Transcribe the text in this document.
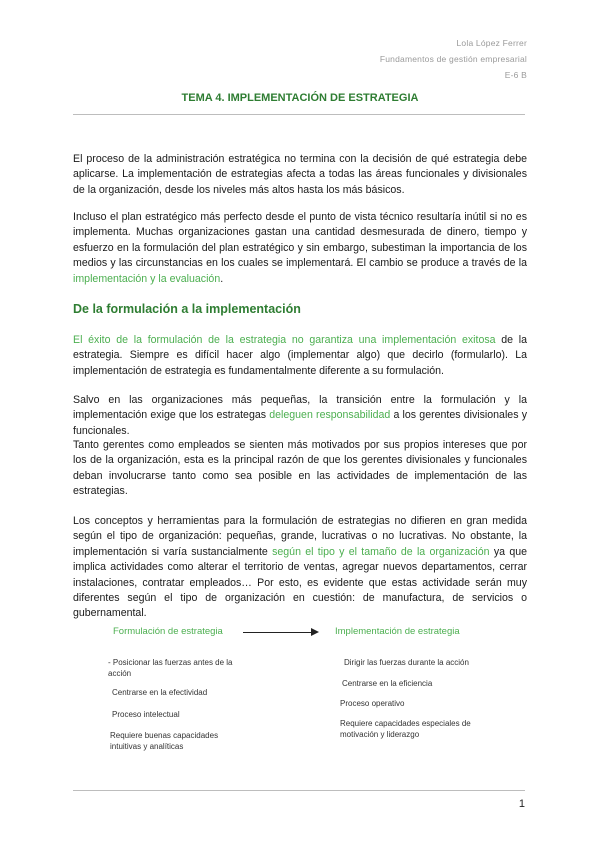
Lola López Ferrer
Fundamentos de gestión empresarial
E-6 B
TEMA 4. IMPLEMENTACIÓN DE ESTRATEGIA

El proceso de la administración estratégica no termina con la decisión de qué estrategia debe aplicarse. La implementación de estrategias afecta a todas las áreas funcionales y divisionales de la organización, desde los niveles más altos hasta los más básicos.

Incluso el plan estratégico más perfecto desde el punto de vista técnico resultaría inútil si no es implementa. Muchas organizaciones gastan una cantidad desmesurada de dinero, tiempo y esfuerzo en la formulación del plan estratégico y sin embargo, subestiman la importancia de los medios y las circunstancias en los cuales se implementará. El cambio se produce a través de la implementación y la evaluación.

De la formulación a la implementación

El éxito de la formulación de la estrategia no garantiza una implementación exitosa de la estrategia. Siempre es difícil hacer algo (implementar algo) que decirlo (formularlo). La implementación de estrategia es fundamentalmente diferente a su formulación.

Salvo en las organizaciones más pequeñas, la transición entre la formulación y la implementación exige que los estrategas deleguen responsabilidad a los gerentes divisionales y funcionales.

Tanto gerentes como empleados se sienten más motivados por sus propios intereses que por los de la organización, esta es la principal razón de que los gerentes divisionales y funcionales deban involucrarse tanto como sea posible en las actividades de implementación de las estrategias.

Los conceptos y herramientas para la formulación de estrategias no difieren en gran medida según el tipo de organización: pequeñas, grande, lucrativas o no lucrativas. No obstante, la implementación si varía sustancialmente según el tipo y el tamaño de la organización ya que implica actividades como alterar el territorio de ventas, agregar nuevos departamentos, cerrar instalaciones, contratar empleados… Por esto, es evidente que estas actividade serán muy diferentes según el tipo de organización en cuestión: de manufactura, de servicios o gubernamental.

Formulación de estrategia	Implementación de estrategia
- Posicionar las fuerzas antes de la acción
Centrarse en la efectividad
Proceso intelectual
Requiere buenas capacidades intuitivas y analíticas
Dirigir las fuerzas durante la acción
Centrarse en la eficiencia
Proceso operativo
Requiere capacidades especiales de motivación y liderazgo
1
